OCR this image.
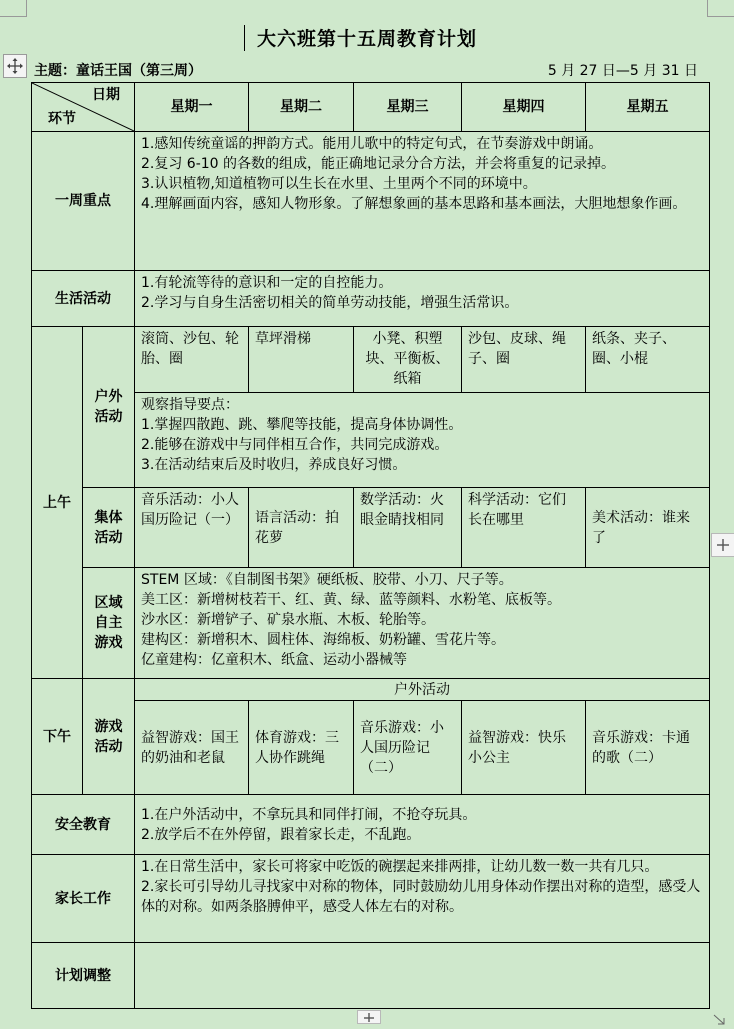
大六班第十五周教育计划
主题：童话王国（第三周）	5 月 27 日—5 月 31 日
日期
环节		星期一	星期二	星期三	星期四	星期五
一周重点		1.感知传统童谣的押韵方式。能用儿歌中的特定句式，在节奏游戏中朗诵。
2.复习 6-10 的各数的组成，能正确地记录分合方法，并会将重复的记录掉。
3.认识植物,知道植物可以生长在水里、土里两个不同的环境中。
4.理解画面内容，感知人物形象。了解想象画的基本思路和基本画法，大胆地想象作画。				

生活活动		1.有轮流等待的意识和一定的自控能力。
2.学习与自身生活密切相关的简单劳动技能，增强生活常识。				

上午	户外活动	滚筒、沙包、轮胎、圈	草坪滑梯	小凳、积塑块、平衡板、纸箱	沙包、皮球、绳子、圈	纸条、夹子、圈、小棍

		观察指导要点：
1.掌握四散跑、跳、攀爬等技能，提高身体协调性。
2.能够在游戏中与同伴相互合作，共同完成游戏。
3.在活动结束后及时收归，养成良好习惯。				

	集体活动	音乐活动：小人国历险记（一）	语言活动：拍花萝	数学活动：火眼金睛找相同	科学活动：它们长在哪里	美术活动：谁来了
	区域自主游戏	STEM 区域：《自制图书架》硬纸板、胶带、小刀、尺子等。
美工区：新增树枝若干、红、黄、绿、蓝等颜料、水粉笔、底板等。
沙水区：新增铲子、矿泉水瓶、木板、轮胎等。
建构区：新增积木、圆柱体、海绵板、奶粉罐、雪花片等。
亿童建构：亿童积木、纸盒、运动小器械等				

下午	游戏活动	户外活动				
		益智游戏：国王的奶油和老鼠	体育游戏：三人协作跳绳	音乐游戏：小人国历险记（二）	益智游戏：快乐小公主	音乐游戏：卡通的歌（二）
安全教育		1.在户外活动中，不拿玩具和同伴打闹，不抢夺玩具。
2.放学后不在外停留，跟着家长走，不乱跑。				

家长工作		1.在日常生活中，家长可将家中吃饭的碗摆起来排两排，让幼儿数一数一共有几只。
2.家长可引导幼儿寻找家中对称的物体，同时鼓励幼儿用身体动作摆出对称的造型，感受人体的对称。如两条胳膊伸平，感受人体左右的对称。				

计划调整						
